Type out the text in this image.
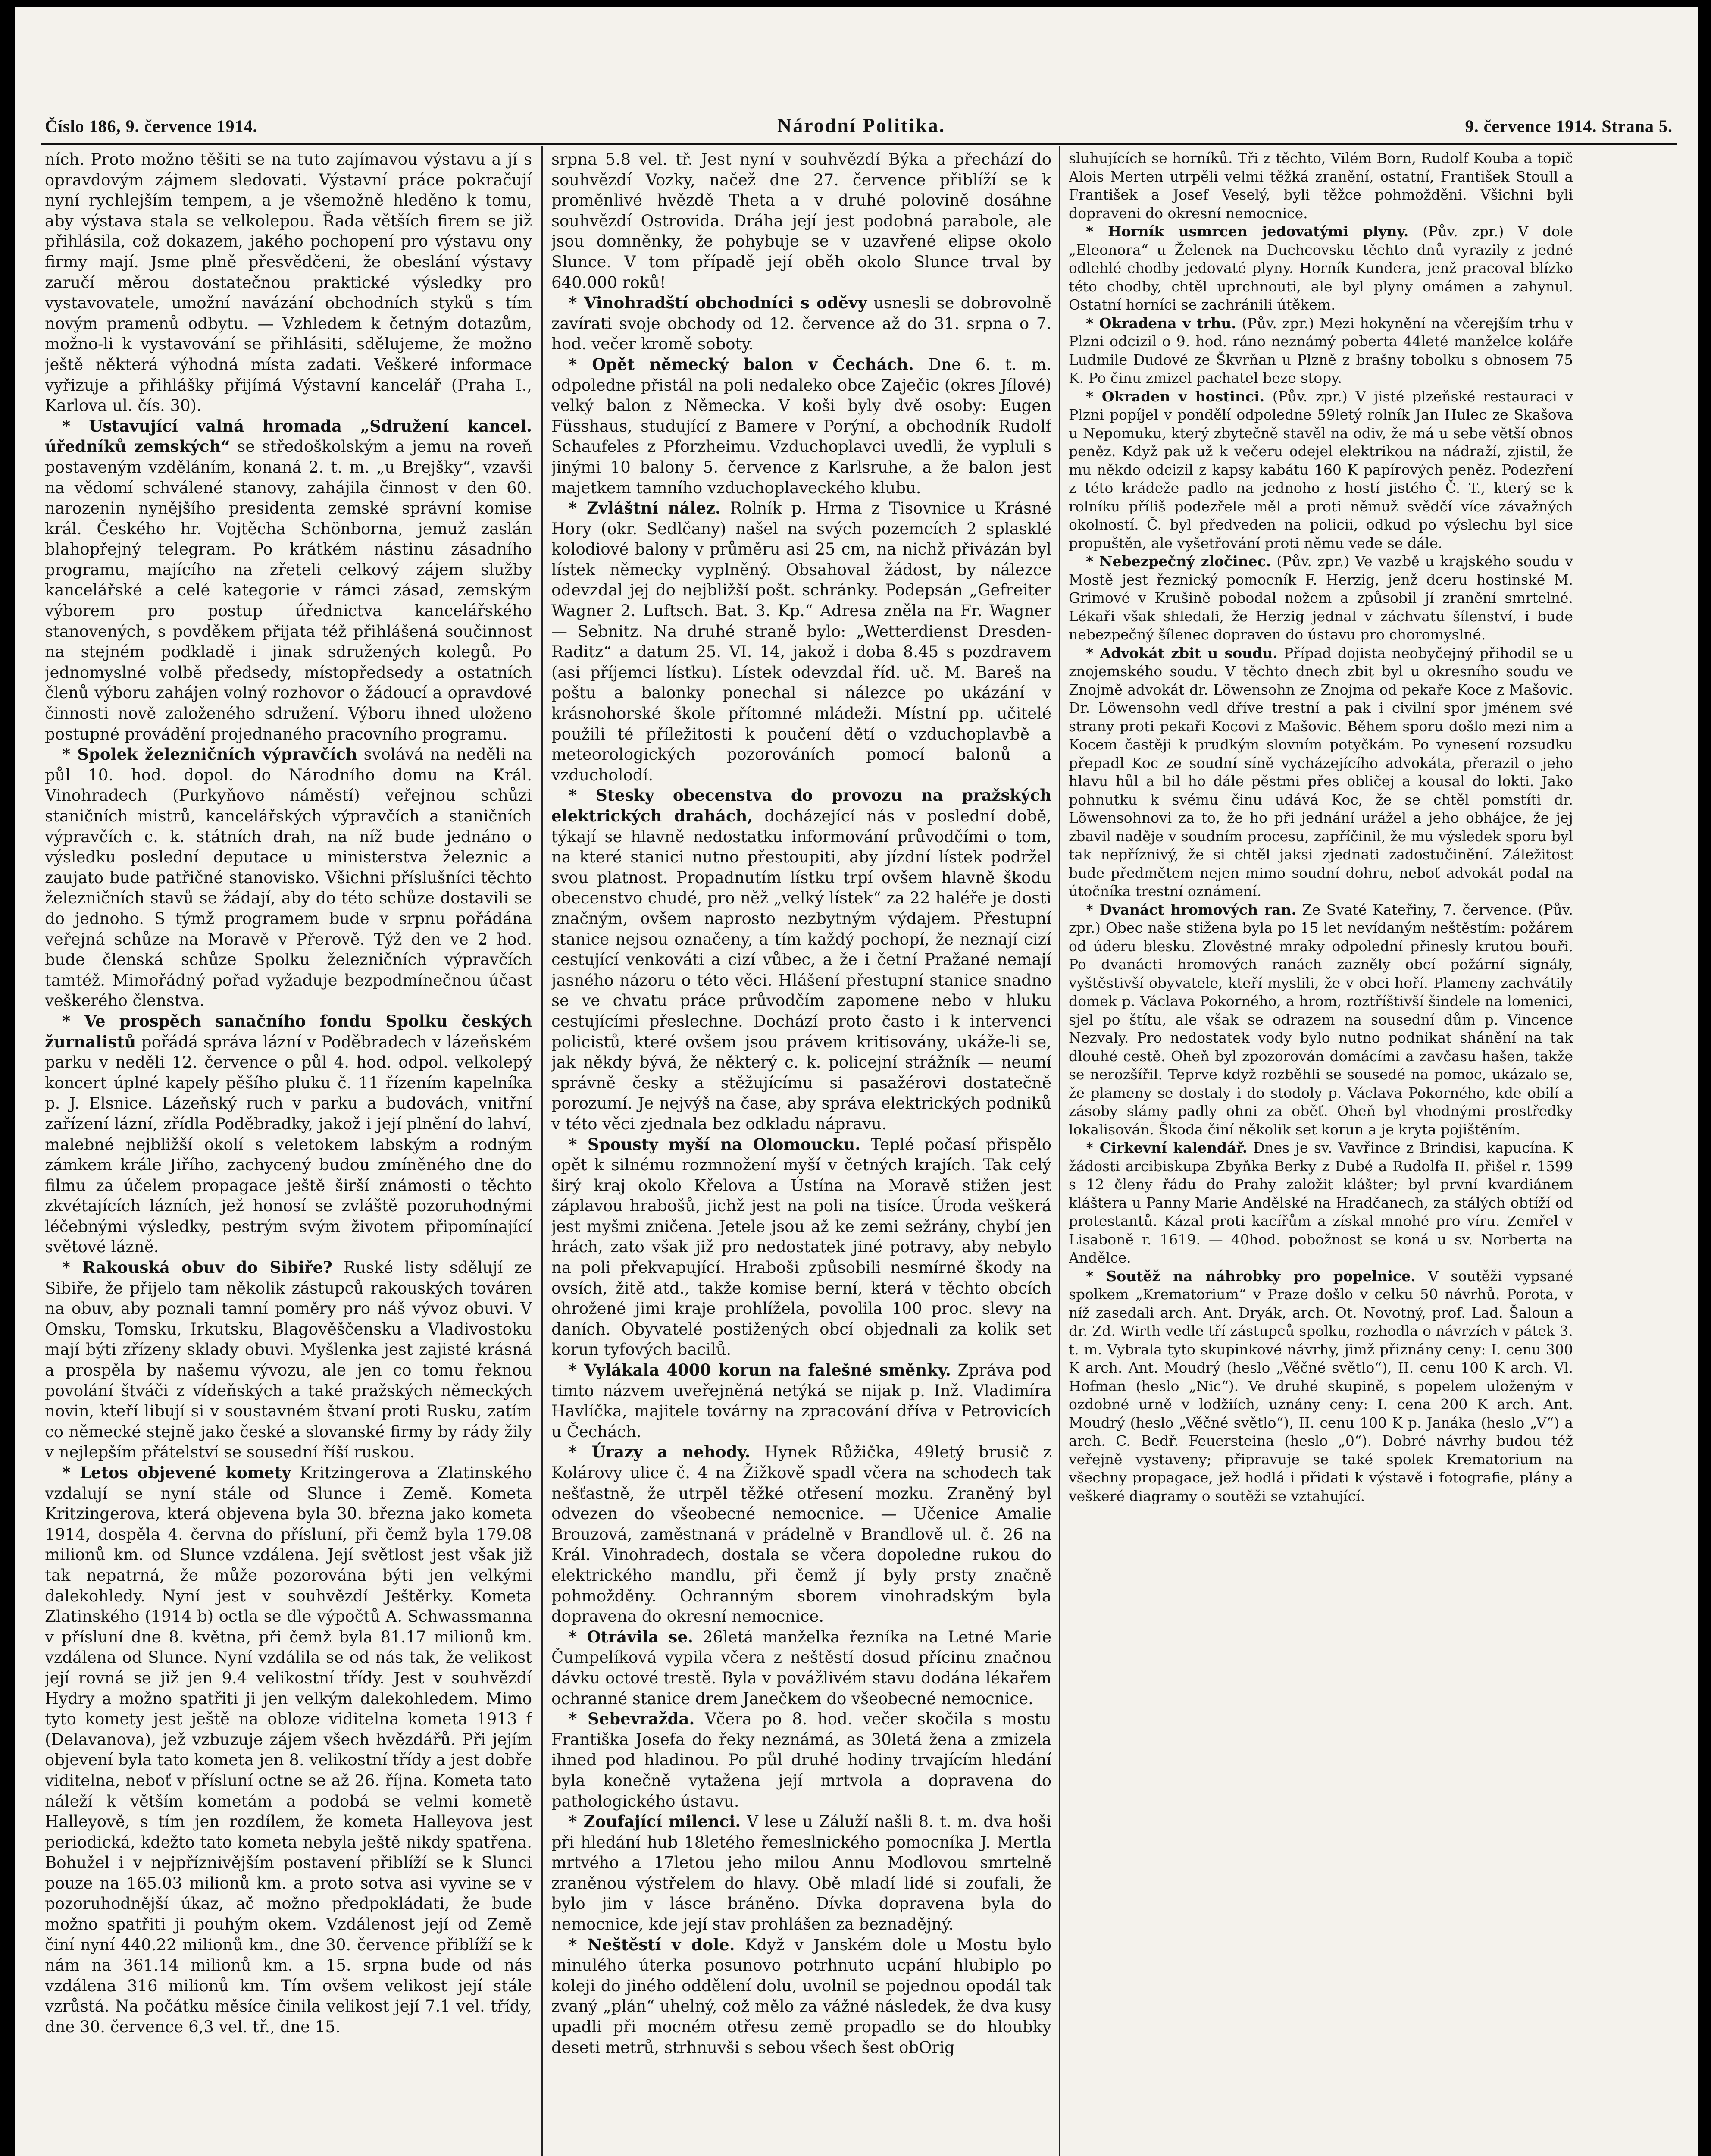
Číslo 186, 9. července 1914.	Národní Politika.	9. července 1914. Strana 5.

ních. Proto možno těšiti se na tuto zajímavou výstavu a jí s opravdovým zájmem sledovati. Výstavní práce pokračují nyní rychlejším tempem, a je všemožně hleděno k tomu, aby výstava stala se velkolepou. Řada větších firem se již přihlásila, což dokazem, jakého pochopení pro výstavu ony firmy mají. Jsme plně přesvědčeni, že obeslání výstavy zaručí měrou dostatečnou praktické výsledky pro vystavovatele, umožní navázání obchodních styků s tím novým pramenů odbytu. — Vzhledem k četným dotazům, možno-li k vystavování se přihlásiti, sdělujeme, že možno ještě některá výhodná místa zadati. Veškeré informace vyřizuje a přihlášky přijímá Výstavní kancelář (Praha I., Karlova ul. čís. 30).

* Ustavující valná hromada „Sdružení kancel. úředníků zemských“ se středoškolským a jemu na roveň postaveným vzděláním, konaná 2. t. m. „u Brejšky“, vzavši na vědomí schválené stanovy, zahájila činnost v den 60. narozenin nynějšího presidenta zemské správní komise král. Českého hr. Vojtěcha Schönborna, jemuž zaslán blahopřejný telegram. Po krátkém nástinu zásadního programu, majícího na zřeteli celkový zájem služby kancelářské a celé kategorie v rámci zásad, zemským výborem pro postup úřednictva kancelářského stanovených, s povděkem přijata též přihlášená součinnost na stejném podkladě i jinak sdružených kolegů. Po jednomyslné volbě předsedy, místopředsedy a ostatních členů výboru zahájen volný rozhovor o žádoucí a opravdové činnosti nově založeného sdružení. Výboru ihned uloženo postupné provádění projednaného pracovního programu.

* Spolek železničních výpravčích svolává na neděli na půl 10. hod. dopol. do Národního domu na Král. Vinohradech (Purkyňovo náměstí) veřejnou schůzi staničních mistrů, kancelářských výpravčích a staničních výpravčích c. k. státních drah, na níž bude jednáno o výsledku poslední deputace u ministerstva železnic a zaujato bude patřičné stanovisko. Všichni příslušníci těchto železničních stavů se žádají, aby do této schůze dostavili se do jednoho. S týmž programem bude v srpnu pořádána veřejná schůze na Moravě v Přerově. Týž den ve 2 hod. bude členská schůze Spolku železničních výpravčích tamtéž. Mimořádný pořad vyžaduje bezpodmínečnou účast veškerého členstva.

* Ve prospěch sanačního fondu Spolku českých žurnalistů pořádá správa lázní v Poděbradech v lázeňském parku v neděli 12. července o půl 4. hod. odpol. velkolepý koncert úplné kapely pěšího pluku č. 11 řízením kapelníka p. J. Elsnice. Lázeňský ruch v parku a budovách, vnitřní zařízení lázní, zřídla Poděbradky, jakož i její plnění do lahví, malebné nejbližší okolí s veletokem labským a rodným zámkem krále Jiřího, zachycený budou zmíněného dne do filmu za účelem propagace ještě širší známosti o těchto zkvétajících lázních, jež honosí se zvláště pozoruhodnými léčebnými výsledky, pestrým svým životem připomínající světové lázně.

* Rakouská obuv do Sibiře? Ruské listy sdělují ze Sibiře, že přijelo tam několik zástupců rakouských továren na obuv, aby poznali tamní poměry pro náš vývoz obuvi. V Omsku, Tomsku, Irkutsku, Blagověščensku a Vladivostoku mají býti zřízeny sklady obuvi. Myšlenka jest zajisté krásná a prospěla by našemu vývozu, ale jen co tomu řeknou povolání štváči z vídeňských a také pražských německých novin, kteří libují si v soustavném štvaní proti Rusku, zatím co německé stejně jako české a slovanské firmy by rády žily v nejlepším přátelství se sousední říší ruskou.

* Letos objevené komety Kritzingerova a Zlatinského vzdalují se nyní stále od Slunce i Země. Kometa Kritzingerova, která objevena byla 30. března jako kometa 1914, dospěla 4. června do přísluní, při čemž byla 179.08 milionů km. od Slunce vzdálena. Její světlost jest však již tak nepatrná, že může pozorována býti jen velkými dalekohledy. Nyní jest v souhvězdí Ještěrky. Kometa Zlatinského (1914 b) octla se dle výpočtů A. Schwassmanna v přísluní dne 8. května, při čemž byla 81.17 milionů km. vzdálena od Slunce. Nyní vzdálila se od nás tak, že velikost její rovná se již jen 9.4 velikostní třídy. Jest v souhvězdí Hydry a možno spatřiti ji jen velkým dalekohledem. Mimo tyto komety jest ještě na obloze viditelna kometa 1913 f (Delavanova), jež vzbuzuje zájem všech hvězdářů. Při jejím objevení byla tato kometa jen 8. velikostní třídy a jest dobře viditelna, neboť v přísluní octne se až 26. října. Kometa tato náleží k větším kometám a podobá se velmi kometě Halleyově, s tím jen rozdílem, že kometa Halleyova jest periodická, kdežto tato kometa nebyla ještě nikdy spatřena. Bohužel i v nejpříznivějším postavení přiblíží se k Slunci pouze na 165.03 milionů km. a proto sotva asi vyvine se v pozoruhodnější úkaz, ač možno předpokládati, že bude možno spatřiti ji pouhým okem. Vzdálenost její od Země činí nyní 440.22 milionů km., dne 30. července přiblíží se k nám na 361.14 milionů km. a 15. srpna bude od nás vzdálena 316 milionů km. Tím ovšem velikost její stále vzrůstá. Na počátku měsíce činila velikost její 7.1 vel. třídy, dne 30. července 6,3 vel. tř., dne 15.

srpna 5.8 vel. tř. Jest nyní v souhvězdí Býka a přechází do souhvězdí Vozky, načež dne 27. července přiblíží se k proměnlivé hvězdě Theta a v druhé polovině dosáhne souhvězdí Ostrovida. Dráha její jest podobná parabole, ale jsou domněnky, že pohybuje se v uzavřené elipse okolo Slunce. V tom případě její oběh okolo Slunce trval by 640.000 roků!

* Vinohradští obchodníci s oděvy usnesli se dobrovolně zavírati svoje obchody od 12. července až do 31. srpna o 7. hod. večer kromě soboty.

* Opět německý balon v Čechách. Dne 6. t. m. odpoledne přistál na poli nedaleko obce Zaječic (okres Jílové) velký balon z Německa. V koši byly dvě osoby: Eugen Füsshaus, studující z Bamere v Porýní, a obchodník Rudolf Schaufeles z Pforzheimu. Vzduchoplavci uvedli, že vypluli s jinými 10 balony 5. července z Karlsruhe, a že balon jest majetkem tamního vzduchoplaveckého klubu.

* Zvláštní nález. Rolník p. Hrma z Tisovnice u Krásné Hory (okr. Sedlčany) našel na svých pozemcích 2 splasklé kolodiové balony v průměru asi 25 cm, na nichž přivázán byl lístek německy vyplněný. Obsahoval žádost, by nálezce odevzdal jej do nejbližší pošt. schránky. Podepsán „Gefreiter Wagner 2. Luftsch. Bat. 3. Kp.“ Adresa zněla na Fr. Wagner — Sebnitz. Na druhé straně bylo: „Wetterdienst Dresden-Raditz“ a datum 25. VI. 14, jakož i doba 8.45 s pozdravem (asi příjemci lístku). Lístek odevzdal říd. uč. M. Bareš na poštu a balonky ponechal si nálezce po ukázání v krásnohorské škole přítomné mládeži. Místní pp. učitelé použili té příležitosti k poučení dětí o vzduchoplavbě a meteorologických pozorováních pomocí balonů a vzducholodí.

* Stesky obecenstva do provozu na pražských elektrických drahách, docházející nás v poslední době, týkají se hlavně nedostatku informování průvodčími o tom, na které stanici nutno přestoupiti, aby jízdní lístek podržel svou platnost. Propadnutím lístku trpí ovšem hlavně škodu obecenstvo chudé, pro něž „velký lístek“ za 22 haléře je dosti značným, ovšem naprosto nezbytným výdajem. Přestupní stanice nejsou označeny, a tím každý pochopí, že neznají cizí cestující venkováti a cizí vůbec, a že i četní Pražané nemají jasného názoru o této věci. Hlášení přestupní stanice snadno se ve chvatu práce průvodčím zapomene nebo v hluku cestujícími přeslechne. Dochází proto často i k intervenci policistů, které ovšem jsou právem kritisovány, ukáže-li se, jak někdy bývá, že některý c. k. policejní strážník — neumí správně česky a stěžujícímu si pasažérovi dostatečně porozumí. Je nejvýš na čase, aby správa elektrických podniků v této věci zjednala bez odkladu nápravu.

* Spousty myší na Olomoucku. Teplé počasí přispělo opět k silnému rozmnožení myší v četných krajích. Tak celý širý kraj okolo Křelova a Ústína na Moravě stižen jest záplavou hrabošů, jichž jest na poli na tisíce. Úroda veškerá jest myšmi zničena. Jetele jsou až ke zemi sežrány, chybí jen hrách, zato však již pro nedostatek jiné potravy, aby nebylo na poli překvapující. Hraboši způsobili nesmírné škody na ovsích, žitě atd., takže komise berní, která v těchto obcích ohrožené jimi kraje prohlížela, povolila 100 proc. slevy na daních. Obyvatelé postižených obcí objednali za kolik set korun tyfových bacilů.

* Vylákala 4000 korun na falešné směnky. Zpráva pod timto názvem uveřejněná netýká se nijak p. Inž. Vladimíra Havlíčka, majitele továrny na zpracování dříva v Petrovicích u Čechách.

* Úrazy a nehody. Hynek Růžička, 49letý brusič z Kolárovy ulice č. 4 na Žižkově spadl včera na schodech tak nešťastně, že utrpěl těžké otřesení mozku. Zraněný byl odvezen do všeobecné nemocnice. — Učenice Amalie Brouzová, zaměstnaná v prádelně v Brandlově ul. č. 26 na Král. Vinohradech, dostala se včera dopoledne rukou do elektrického mandlu, při čemž jí byly prsty značně pohmožděny. Ochranným sborem vinohradským byla dopravena do okresní nemocnice.

* Otrávila se. 26letá manželka řezníka na Letné Marie Čumpelíková vypila včera z neštěstí dosud přícinu značnou dávku octové trestě. Byla v povážlivém stavu dodána lékařem ochranné stanice drem Janečkem do všeobecné nemocnice.

* Sebevražda. Včera po 8. hod. večer skočila s mostu Františka Josefa do řeky neznámá, as 30letá žena a zmizela ihned pod hladinou. Po půl druhé hodiny trvajícím hledání byla konečně vytažena její mrtvola a dopravena do pathologického ústavu.

* Zoufající milenci. V lese u Záluží našli 8. t. m. dva hoši při hledání hub 18letého řemeslnického pomocníka J. Mertla mrtvého a 17letou jeho milou Annu Modlovou smrtelně zraněnou výstřelem do hlavy. Obě mladí lidé si zoufali, že bylo jim v lásce bráněno. Dívka dopravena byla do nemocnice, kde její stav prohlášen za beznadějný.

* Neštěstí v dole. Když v Janském dole u Mostu bylo minulého úterka posunovo potrhnuto ucpání hlubiplo po koleji do jiného oddělení dolu, uvolnil se pojednou opodál tak zvaný „plán“ uhelný, což mělo za vážné následek, že dva kusy upadli při mocném otřesu země propadlo se do hloubky deseti metrů, strhnuvši s sebou všech šest obOrig

sluhujících se horníků. Tři z těchto, Vilém Born, Rudolf Kouba a topič Alois Merten utrpěli velmi těžká zranění, ostatní, František Stoull a František a Josef Veselý, byli těžce pohmožděni. Všichni byli dopraveni do okresní nemocnice.

* Horník usmrcen jedovatými plyny. (Pův. zpr.) V dole „Eleonora“ u Želenek na Duchcovsku těchto dnů vyrazily z jedné odlehlé chodby jedovaté plyny. Horník Kundera, jenž pracoval blízko této chodby, chtěl uprchnouti, ale byl plyny omámen a zahynul. Ostatní horníci se zachránili útěkem.

* Okradena v trhu. (Pův. zpr.) Mezi hokynění na včerejším trhu v Plzni odcizil o 9. hod. ráno neznámý poberta 44leté manželce koláře Ludmile Dudové ze Škvrňan u Plzně z brašny tobolku s obnosem 75 K. Po činu zmizel pachatel beze stopy.

* Okraden v hostinci. (Pův. zpr.) V jisté plzeňské restauraci v Plzni popíjel v pondělí odpoledne 59letý rolník Jan Hulec ze Skašova u Nepomuku, který zbytečně stavěl na odiv, že má u sebe větší obnos peněz. Když pak už k večeru odejel elektrikou na nádraží, zjistil, že mu někdo odcizil z kapsy kabátu 160 K papírových peněz. Podezření z této krádeže padlo na jednoho z hostí jistého Č. T., který se k rolníku příliš podezřele měl a proti němuž svědčí více závažných okolností. Č. byl předveden na policii, odkud po výslechu byl sice propuštěn, ale vyšetřování proti němu vede se dále.

* Nebezpečný zločinec. (Pův. zpr.) Ve vazbě u krajského soudu v Mostě jest řeznický pomocník F. Herzig, jenž dceru hostinské M. Grimové v Krušině pobodal nožem a způsobil jí zranění smrtelné. Lékaři však shledali, že Herzig jednal v záchvatu šílenství, i bude nebezpečný šílenec dopraven do ústavu pro choromyslné.

* Advokát zbit u soudu. Případ dojista neobyčejný přihodil se u znojemského soudu. V těchto dnech zbit byl u okresního soudu ve Znojmě advokát dr. Löwensohn ze Znojma od pekaře Koce z Mašovic. Dr. Löwensohn vedl dříve trestní a pak i civilní spor jménem své strany proti pekaři Kocovi z Mašovic. Během sporu došlo mezi nim a Kocem častěji k prudkým slovním potyčkám. Po vynesení rozsudku přepadl Koc ze soudní síně vycházejícího advokáta, přerazil o jeho hlavu hůl a bil ho dále pěstmi přes obličej a kousal do lokti. Jako pohnutku k svému činu udává Koc, že se chtěl pomstíti dr. Löwensohnovi za to, že ho při jednání urážel a jeho obhájce, že jej zbavil naděje v soudním procesu, zapříčinil, že mu výsledek sporu byl tak nepříznivý, že si chtěl jaksi zjednati zadostučinění. Záležitost bude předmětem nejen mimo soudní dohru, neboť advokát podal na útočníka trestní oznámení.

* Dvanáct hromových ran. Ze Svaté Kateřiny, 7. července. (Pův. zpr.) Obec naše stižena byla po 15 let nevídaným neštěstím: požárem od úderu blesku. Zlověstné mraky odpolední přinesly krutou bouři. Po dvanácti hromových ranách zazněly obcí požární signály, vyštěstivší obyvatele, kteří myslili, že v obci hoří. Plameny zachvátily domek p. Václava Pokorného, a hrom, roztříštivší šindele na lomenici, sjel po štítu, ale však se odrazem na sousední dům p. Vincence Nezvaly. Pro nedostatek vody bylo nutno podnikat shánění na tak dlouhé cestě. Oheň byl zpozorován domácími a zavčasu hašen, takže se nerozšířil. Teprve když rozběhli se sousedé na pomoc, ukázalo se, že plameny se dostaly i do stodoly p. Václava Pokorného, kde obilí a zásoby slámy padly ohni za oběť. Oheň byl vhodnými prostředky lokalisován. Škoda činí několik set korun a je kryta pojištěním.

* Cirkevní kalendář. Dnes je sv. Vavřince z Brindisi, kapucína. K žádosti arcibiskupa Zbyňka Berky z Dubé a Rudolfa II. přišel r. 1599 s 12 členy řádu do Prahy založit klášter; byl první kvardiánem kláštera u Panny Marie Andělské na Hradčanech, za stálých obtíží od protestantů. Kázal proti kacířům a získal mnohé pro víru. Zemřel v Lisaboně r. 1619. — 40hod. pobožnost se koná u sv. Norberta na Andělce.

* Soutěž na náhrobky pro popelnice. V soutěži vypsané spolkem „Krematorium“ v Praze došlo v celku 50 návrhů. Porota, v níž zasedali arch. Ant. Dryák, arch. Ot. Novotný, prof. Lad. Šaloun a dr. Zd. Wirth vedle tří zástupců spolku, rozhodla o návrzích v pátek 3. t. m. Vybrala tyto skupinkové návrhy, jimž přiznány ceny: I. cenu 300 K arch. Ant. Moudrý (heslo „Věčné světlo“), II. cenu 100 K arch. Vl. Hofman (heslo „Nic“). Ve druhé skupině, s popelem uloženým v ozdobné urně v lodžiích, uznány ceny: I. cena 200 K arch. Ant. Moudrý (heslo „Věčné světlo“), II. cenu 100 K p. Janáka (heslo „V“) a arch. C. Bedř. Feuersteina (heslo „0“). Dobré návrhy budou též veřejně vystaveny; připravuje se také spolek Krematorium na všechny propagace, jež hodlá i přidati k výstavě i fotografie, plány a veškeré diagramy o soutěži se vztahující.
